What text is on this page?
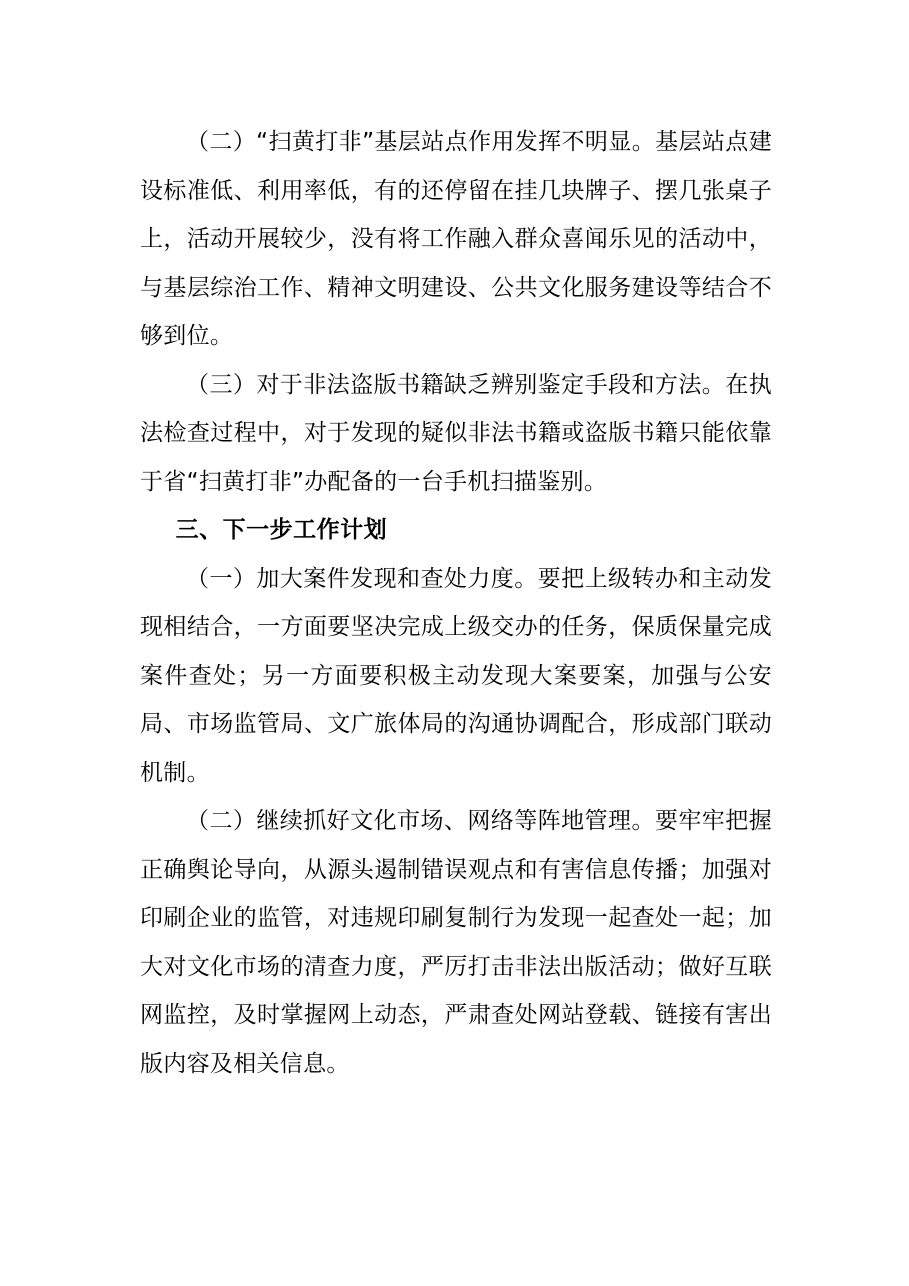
（二）“扫黄打非”基层站点作用发挥不明显。基层站点建设标准低、利用率低，有的还停留在挂几块牌子、摆几张桌子上，活动开展较少，没有将工作融入群众喜闻乐见的活动中，与基层综治工作、精神文明建设、公共文化服务建设等结合不够到位。

（三）对于非法盗版书籍缺乏辨别鉴定手段和方法。在执法检查过程中，对于发现的疑似非法书籍或盗版书籍只能依靠于省“扫黄打非”办配备的一台手机扫描鉴别。

三、下一步工作计划

（一）加大案件发现和查处力度。要把上级转办和主动发现相结合，一方面要坚决完成上级交办的任务，保质保量完成案件查处；另一方面要积极主动发现大案要案，加强与公安局、市场监管局、文广旅体局的沟通协调配合，形成部门联动机制。

（二）继续抓好文化市场、网络等阵地管理。要牢牢把握正确舆论导向，从源头遏制错误观点和有害信息传播；加强对印刷企业的监管，对违规印刷复制行为发现一起查处一起；加大对文化市场的清查力度，严厉打击非法出版活动；做好互联网监控，及时掌握网上动态，严肃查处网站登载、链接有害出版内容及相关信息。
